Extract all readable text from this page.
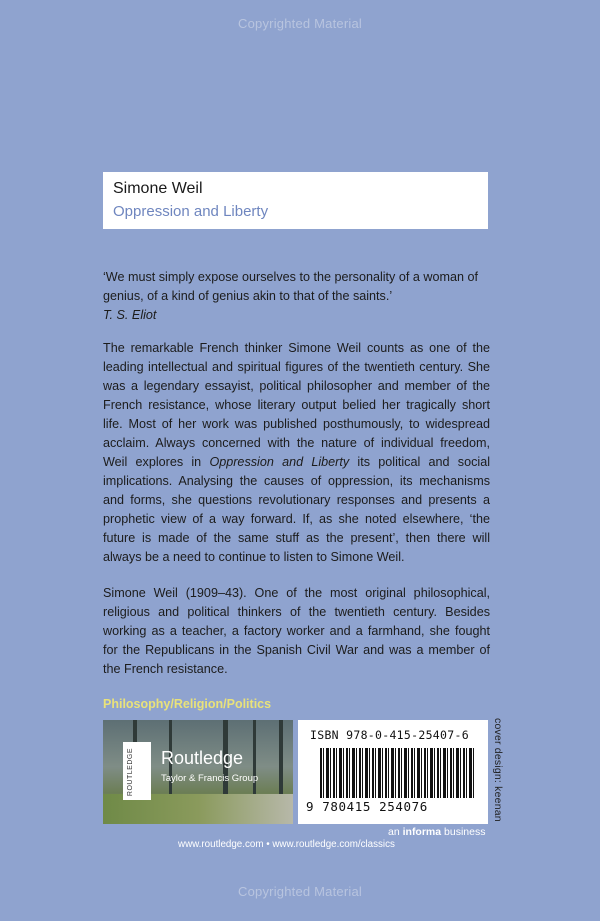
Copyrighted Material
Simone Weil
Oppression and Liberty
‘We must simply expose ourselves to the personality of a woman of genius, of a kind of genius akin to that of the saints.’
T. S. Eliot
The remarkable French thinker Simone Weil counts as one of the leading intellectual and spiritual figures of the twentieth century. She was a legendary essayist, political philosopher and member of the French resistance, whose literary output belied her tragically short life. Most of her work was published posthumously, to widespread acclaim. Always concerned with the nature of individual freedom, Weil explores in Oppression and Liberty its political and social implications. Analysing the causes of oppression, its mechanisms and forms, she questions revolutionary responses and presents a prophetic view of a way forward. If, as she noted elsewhere, ‘the future is made of the same stuff as the present’, then there will always be a need to continue to listen to Simone Weil.
Simone Weil (1909–43). One of the most original philosophical, religious and political thinkers of the twentieth century. Besides working as a teacher, a factory worker and a farmhand, she fought for the Republicans in the Spanish Civil War and was a member of the French resistance.
Philosophy/Religion/Politics
ROUTLEDGE Routledge
Taylor & Francis Group
ISBN 978-0-415-25407-6
9 780415 254076	cover design: keenan
an informa business
www.routledge.com • www.routledge.com/classics
Copyrighted Material
